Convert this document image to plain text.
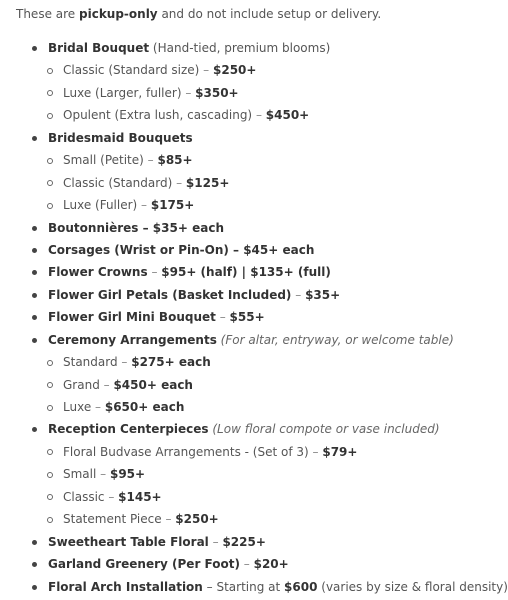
These are pickup-only and do not include setup or delivery.
Bridal Bouquet (Hand-tied, premium blooms)
Classic (Standard size) – $250+
Luxe (Larger, fuller) – $350+
Opulent (Extra lush, cascading) – $450+
Bridesmaid Bouquets
Small (Petite) – $85+
Classic (Standard) – $125+
Luxe (Fuller) – $175+
Boutonnières – $35+ each
Corsages (Wrist or Pin-On) – $45+ each
Flower Crowns – $95+ (half) | $135+ (full)
Flower Girl Petals (Basket Included) – $35+
Flower Girl Mini Bouquet – $55+
Ceremony Arrangements (For altar, entryway, or welcome table)
Standard – $275+ each
Grand – $450+ each
Luxe – $650+ each
Reception Centerpieces (Low floral compote or vase included)
Floral Budvase Arrangements - (Set of 3) – $79+
Small – $95+
Classic – $145+
Statement Piece – $250+
Sweetheart Table Floral – $225+
Garland Greenery (Per Foot) – $20+
Floral Arch Installation – Starting at $600 (varies by size & floral density)
